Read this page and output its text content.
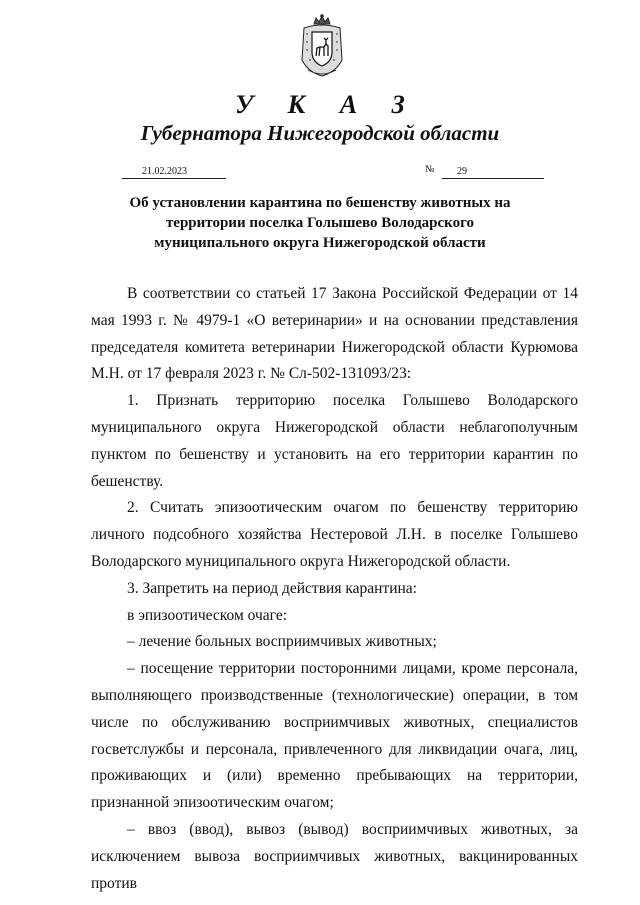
У К А З
Губернатора Нижегородской области
21.02.2023	№ 29
Об установлении карантина по бешенству животных на
территории поселка Голышево Володарского
муниципального округа Нижегородской области

В соответствии со статьей 17 Закона Российской Федерации от 14 мая 1993 г. № 4979-1 «О ветеринарии» и на основании представления председателя комитета ветеринарии Нижегородской области Курюмова М.Н. от 17 февраля 2023 г. № Сл-502-131093/23:

1. Признать территорию поселка Голышево Володарского муниципального округа Нижегородской области неблагополучным пунктом по бешенству и установить на его территории карантин по бешенству.

2. Считать эпизоотическим очагом по бешенству территорию личного подсобного хозяйства Нестеровой Л.Н. в поселке Голышево Володарского муниципального округа Нижегородской области.

3. Запретить на период действия карантина:

в эпизоотическом очаге:

– лечение больных восприимчивых животных;

– посещение территории посторонними лицами, кроме персонала, выполняющего производственные (технологические) операции, в том числе по обслуживанию восприимчивых животных, специалистов госветслужбы и персонала, привлеченного для ликвидации очага, лиц, проживающих и (или) временно пребывающих на территории, признанной эпизоотическим очагом;

– ввоз (ввод), вывоз (вывод) восприимчивых животных, за исключением вывоза восприимчивых животных, вакцинированных против
